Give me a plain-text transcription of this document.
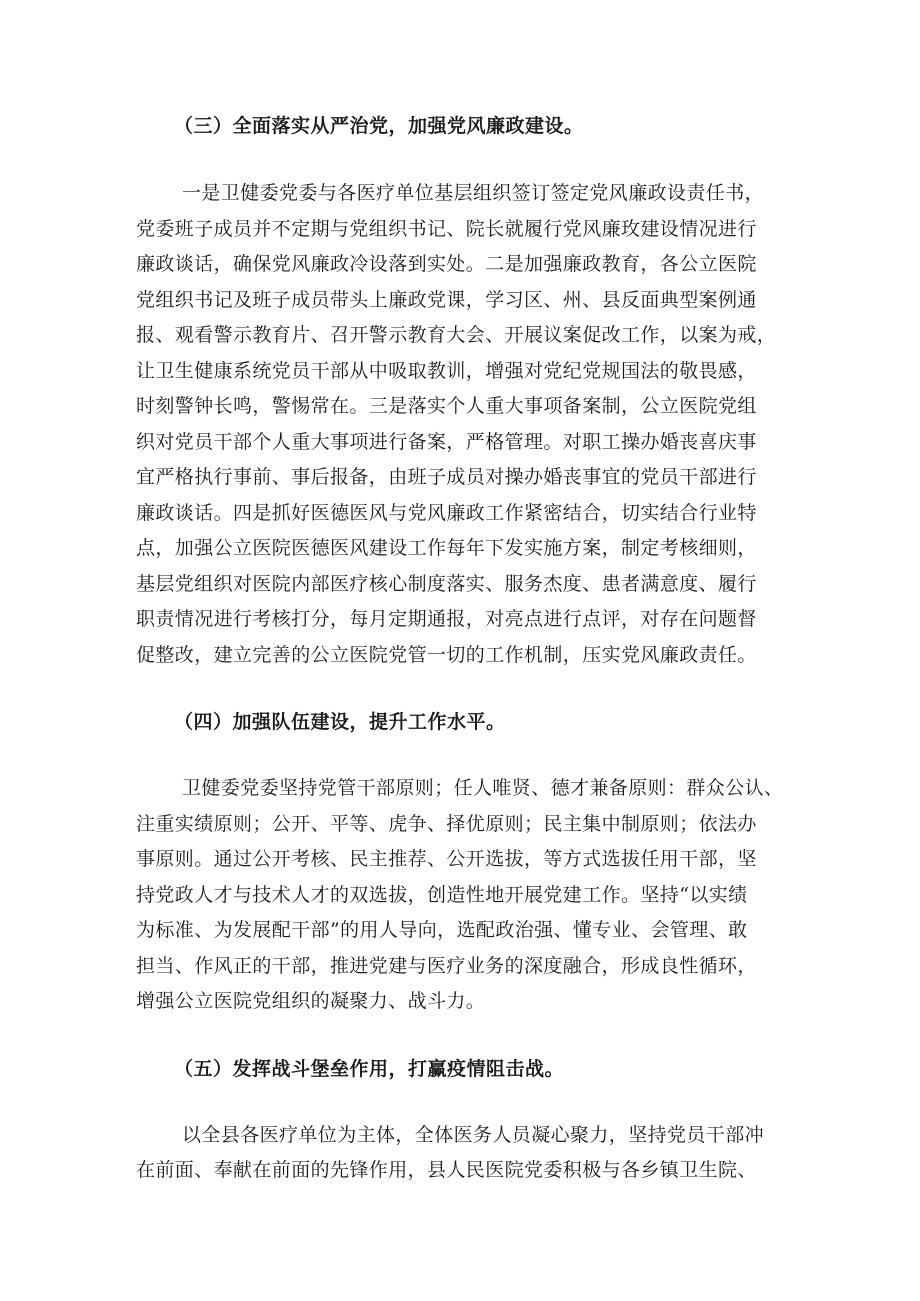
（三）全面落实从严治党，加强党风廉政建设。

一是卫健委党委与各医疗单位基层组织签订签定党风廉政设责任书，
党委班子成员并不定期与党组织书记、院长就履行党风廉玫建设情况进行
廉政谈话，确保党风廉政冷设落到实处。二是加强廉政教育，各公立医院
党组织书记及班子成员带头上廉政党课，学习区、州、县反面典型案例通
报、观看警示教育片、召开警示教育大会、开展议案促改工作，以案为戒，
让卫生健康系统党员干部从中吸取教训，增强对党纪党规国法的敬畏感，
时刻警钟长鸣，警惕常在。三是落实个人重大事项备案制，公立医院党组
织对党员干部个人重大事项进行备案，严格管理。对职工操办婚丧喜庆事
宜严格执行事前、事后报备，由班子成员对操办婚丧事宜的党员干部进行
廉政谈话。四是抓好医德医风与党风廉政工作紧密结合，切实结合行业特
点，加强公立医院医德医风建设工作每年下发实施方案，制定考核细则，
基层党组织对医院内部医疗核心制度落实、服务杰度、患者满意度、履行
职责情况进行考核打分，每月定期通报，对亮点进行点评，对存在问题督
促整改，建立完善的公立医院党管一切的工作机制，压实党风廉政责任。

（四）加强队伍建设，提升工作水平。

卫健委党委坚持党管干部原则；任人唯贤、德才兼备原则：群众公认、
注重实绩原则；公开、平等、虎争、择优原则；民主集中制原则；依法办
事原则。通过公开考核、民主推荐、公开选拔，等方式选拔任用干部，坚
持党政人才与技术人才的双选拔，创造性地开展党建工作。坚持“以实绩
为标准、为发展配干部”的用人导向，选配政治强、懂专业、会管理、敢
担当、作风正的干部，推进党建与医疗业务的深度融合，形成良性循环，
增强公立医院党组织的凝聚力、战斗力。

（五）发挥战斗堡垒作用，打赢疫情阻击战。

以全县各医疗单位为主体，全体医务人员凝心聚力，坚持党员干部冲
在前面、奉献在前面的先锋作用，县人民医院党委积极与各乡镇卫生院、
